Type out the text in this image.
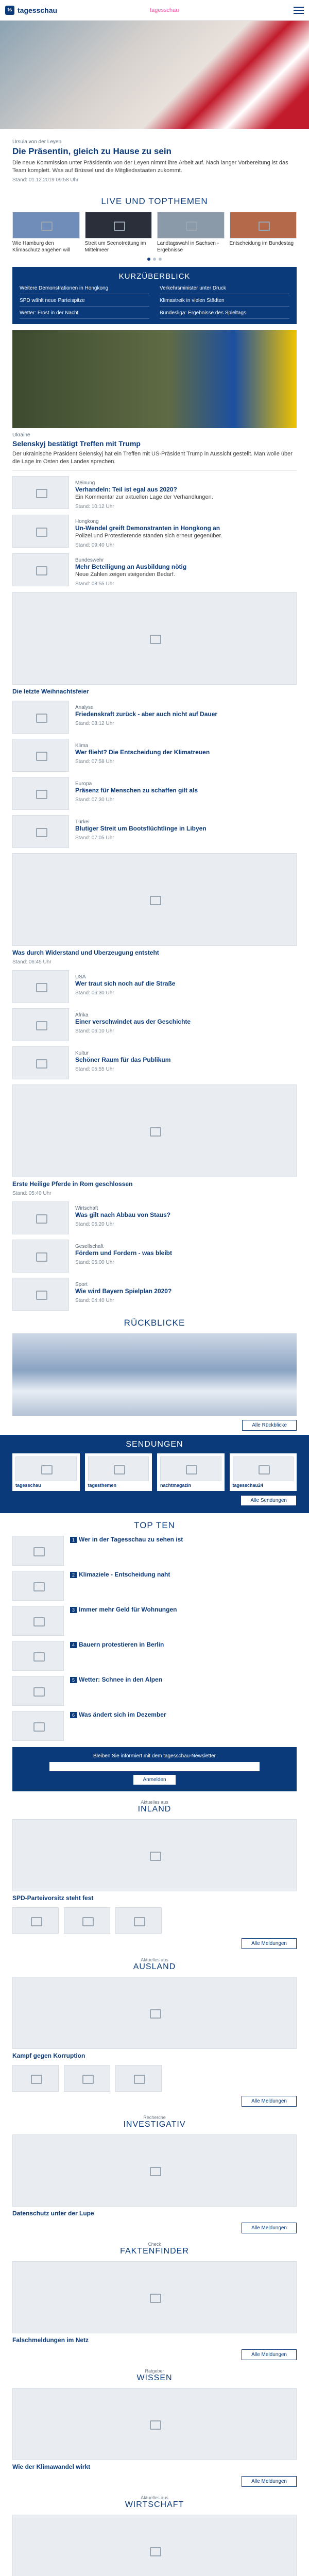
ts tagesschau	tagesschau
Ursula von der Leyen
Die Präsentin, gleich zu Hause zu sein
Die neue Kommission unter Präsidentin von der Leyen nimmt ihre Arbeit auf. Nach langer Vorbereitung ist das Team komplett. Was auf Brüssel und die Mitgliedsstaaten zukommt.
Stand: 01.12.2019 09:58 Uhr
LIVE UND TOPTHEMEN
Wie Hamburg den Klimaschutz angehen will
Streit um Seenotrettung im Mittelmeer
Landtagswahl in Sachsen - Ergebnisse
Entscheidung im Bundestag
KURZÜBERBLICK
Weitere Demonstrationen in Hongkong	Verkehrsminister unter Druck
SPD wählt neue Parteispitze	Klimastreik in vielen Städten
Wetter: Frost in der Nacht	Bundesliga: Ergebnisse des Spieltags
Ukraine
Selenskyj bestätigt Treffen mit Trump
Der ukrainische Präsident Selenskyj hat ein Treffen mit US-Präsident Trump in Aussicht gestellt. Man wolle über die Lage im Osten des Landes sprechen.
Meinung
Verhandeln: Teil ist egal aus 2020?
Ein Kommentar zur aktuellen Lage der Verhandlungen.
Stand: 10:12 Uhr
Hongkong
Un-Wendel greift Demonstranten in Hongkong an
Polizei und Protestierende standen sich erneut gegenüber.
Stand: 09:40 Uhr
Bundeswehr
Mehr Beteiligung an Ausbildung nötig
Neue Zahlen zeigen steigenden Bedarf.
Stand: 08:55 Uhr
Die letzte Weihnachtsfeier
Analyse
Friedenskraft zurück - aber auch nicht auf Dauer
Stand: 08:12 Uhr
Klima
Wer flieht? Die Entscheidung der Klimatreuen
Stand: 07:58 Uhr
Europa
Präsenz für Menschen zu schaffen gilt als
Stand: 07:30 Uhr
Türkei
Blutiger Streit um Bootsflüchtlinge in Libyen
Stand: 07:05 Uhr
Was durch Widerstand und Uberzeugung entsteht
Stand: 06:45 Uhr
USA
Wer traut sich noch auf die Straße
Stand: 06:30 Uhr
Afrika
Einer verschwindet aus der Geschichte
Stand: 06:10 Uhr
Kultur
Schöner Raum für das Publikum
Stand: 05:55 Uhr
Erste Heilige Pferde in Rom geschlossen
Stand: 05:40 Uhr
Wirtschaft
Was gilt nach Abbau von Staus?
Stand: 05:20 Uhr
Gesellschaft
Fördern und Fordern - was bleibt
Stand: 05:00 Uhr
Sport
Wie wird Bayern Spielplan 2020?
Stand: 04:40 Uhr
RÜCKBLICKE
Alle Rückblicke
SENDUNGEN
tagesschau	tagesthemen	nachtmagazin	tagesschau24
Alle Sendungen
TOP TEN
1 Wer in der Tagesschau zu sehen ist
2 Klimaziele - Entscheidung naht
3 Immer mehr Geld für Wohnungen
4 Bauern protestieren in Berlin
5 Wetter: Schnee in den Alpen
6 Was ändert sich im Dezember

Bleiben Sie informiert mit dem tagesschau-Newsletter

Anmelden
Aktuelles aus
INLAND
SPD-Parteivorsitz steht fest
Alle Meldungen
Aktuelles aus
AUSLAND
Kampf gegen Korruption
Alle Meldungen
Recherche
INVESTIGATIV
Datenschutz unter der Lupe
Alle Meldungen
Check
FAKTENFINDER
Falschmeldungen im Netz
Alle Meldungen
Ratgeber
WISSEN
Wie der Klimawandel wirkt
Alle Meldungen
Aktuelles aus
WIRTSCHAFT
